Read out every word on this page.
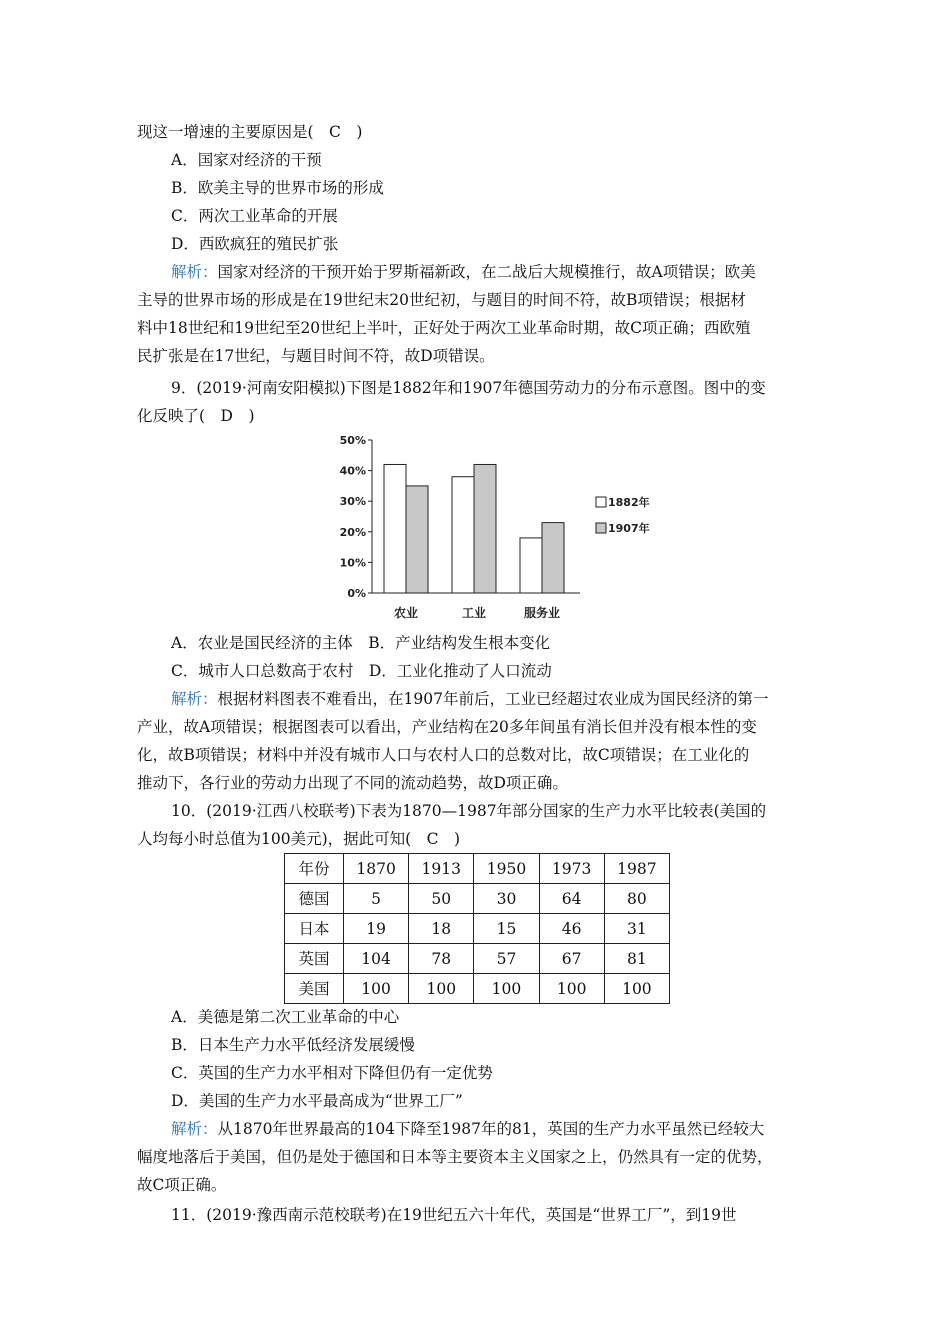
现这一增速的主要原因是(　C　)
A．国家对经济的干预
B．欧美主导的世界市场的形成
C．两次工业革命的开展
D．西欧疯狂的殖民扩张
解析：国家对经济的干预开始于罗斯福新政，在二战后大规模推行，故A项错误；欧美
主导的世界市场的形成是在19世纪末20世纪初，与题目的时间不符，故B项错误；根据材
料中18世纪和19世纪至20世纪上半叶，正好处于两次工业革命时期，故C项正确；西欧殖
民扩张是在17世纪，与题目时间不符，故D项错误。
9．(2019·河南安阳模拟)下图是1882年和1907年德国劳动力的分布示意图。图中的变
化反映了(　D　)
0%
10%
20%
30%
40%
50%
农业	工业	服务业
1882年
1907年
A．农业是国民经济的主体　B．产业结构发生根本变化
C．城市人口总数高于农村　D．工业化推动了人口流动
解析：根据材料图表不难看出，在1907年前后，工业已经超过农业成为国民经济的第一
产业，故A项错误；根据图表可以看出，产业结构在20多年间虽有消长但并没有根本性的变
化，故B项错误；材料中并没有城市人口与农村人口的总数对比，故C项错误；在工业化的
推动下，各行业的劳动力出现了不同的流动趋势，故D项正确。
10．(2019·江西八校联考)下表为1870—1987年部分国家的生产力水平比较表(美国的
人均每小时总值为100美元)，据此可知(　C　)
年份	1870	1913	1950	1973	1987
德国	5	50	30	64	80
日本	19	18	15	46	31
英国	104	78	57	67	81
美国	100	100	100	100	100
A．美德是第二次工业革命的中心
B．日本生产力水平低经济发展缓慢
C．英国的生产力水平相对下降但仍有一定优势
D．美国的生产力水平最高成为“世界工厂”
解析：从1870年世界最高的104下降至1987年的81，英国的生产力水平虽然已经较大
幅度地落后于美国，但仍是处于德国和日本等主要资本主义国家之上，仍然具有一定的优势，
故C项正确。
11．(2019·豫西南示范校联考)在19世纪五六十年代，英国是“世界工厂”，到19世
